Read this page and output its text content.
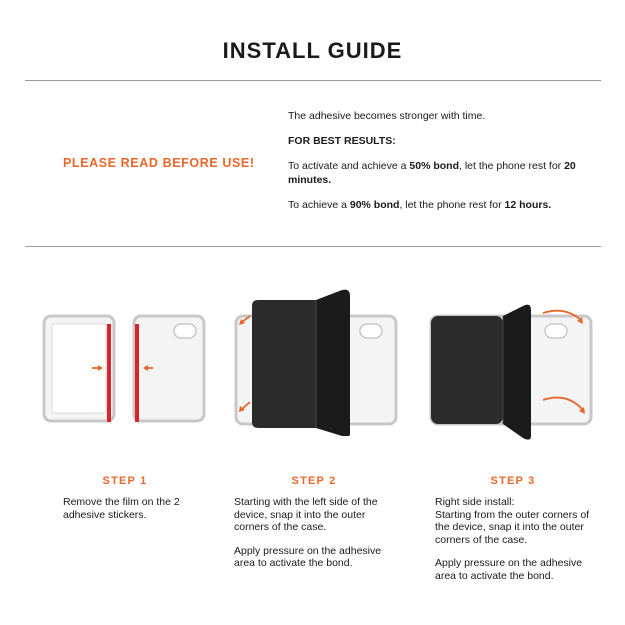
INSTALL GUIDE
PLEASE READ BEFORE USE!

The adhesive becomes stronger with time.

FOR BEST RESULTS:

To activate and achieve a 50% bond, let the phone rest for 20 minutes.

To achieve a 90% bond, let the phone rest for 12 hours.

STEP 1	STEP 2	STEP 3

Remove the film on the 2 adhesive stickers.

Starting with the left side of the device, snap it into the outer corners of the case.

Apply pressure on the adhesive area to activate the bond.

Right side install:
Starting from the outer corners of the device, snap it into the outer corners of the case.

Apply pressure on the adhesive area to activate the bond.
